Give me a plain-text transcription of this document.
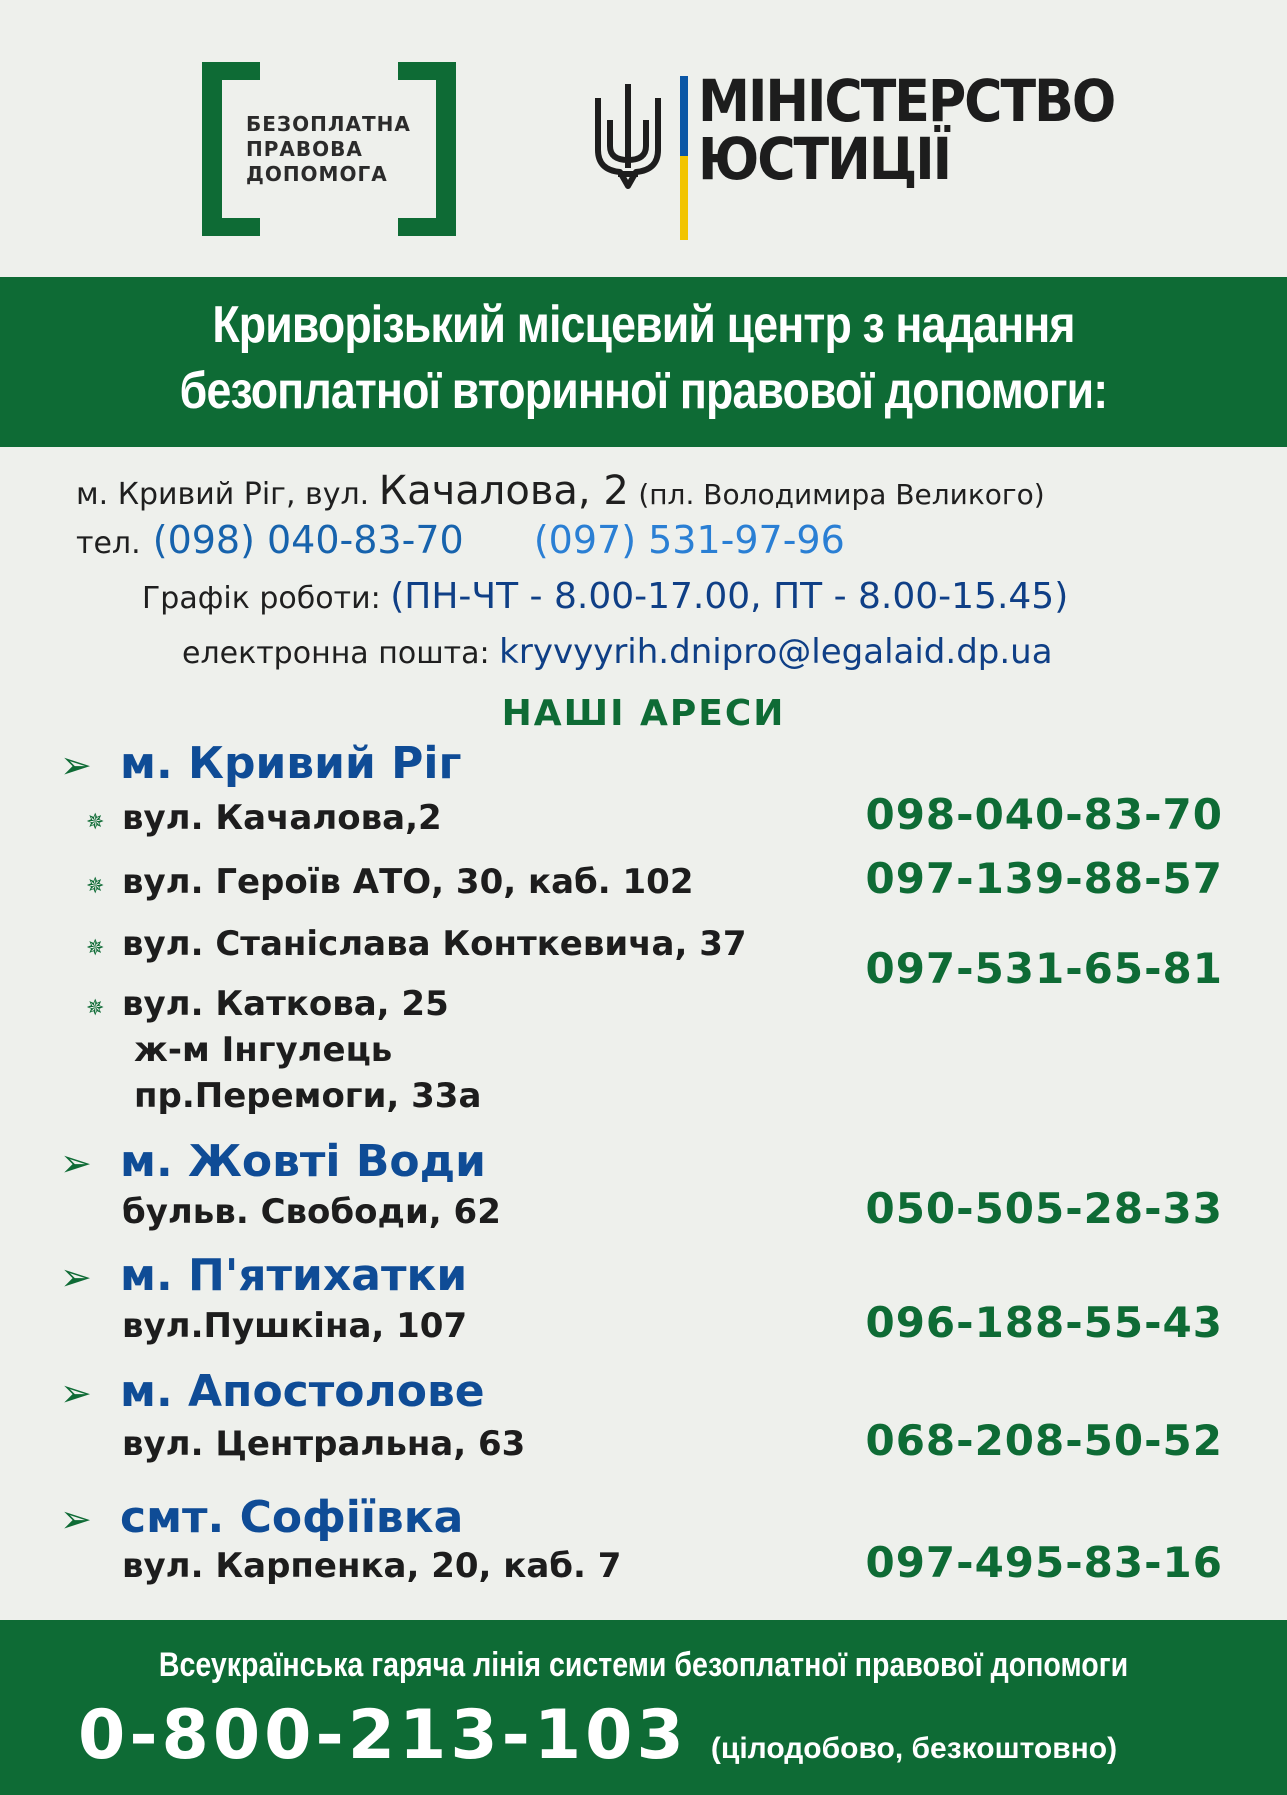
БЕЗОПЛАТНА
ПРАВОВА
ДОПОМОГА
МІНІСТЕРСТВО
ЮСТИЦІЇ
Криворізький місцевий центр з надання
безоплатної вторинної правової допомоги:
м. Кривий Ріг, вул. Качалова, 2 (пл. Володимира Великого)
тел. (098) 040-83-70 (097) 531-97-96
Графік роботи: (ПН-ЧТ - 8.00-17.00, ПТ - 8.00-15.45)
електронна пошта: kryvyyrih.dnipro@legalaid.dp.ua
НАШІ АРЕСИ
➢ м. Кривий Ріг
✵ вул. Качалова,2	098-040-83-70
✵ вул. Героїв АТО, 30, каб. 102	097-139-88-57
✵ вул. Станіслава Конткевича, 37	097-531-65-81
✵ вул. Каткова, 25
ж-м Інгулець
пр.Перемоги, 33а
➢ м. Жовті Води
бульв. Свободи, 62	050-505-28-33
➢ м. П'ятихатки
вул.Пушкіна, 107	096-188-55-43
➢ м. Апостолове
вул. Центральна, 63	068-208-50-52
➢ смт. Софіївка
вул. Карпенка, 20, каб. 7	097-495-83-16
Всеукраїнська гаряча лінія системи безоплатної правової допомоги
0-800-213-103 (цілодобово, безкоштовно)
